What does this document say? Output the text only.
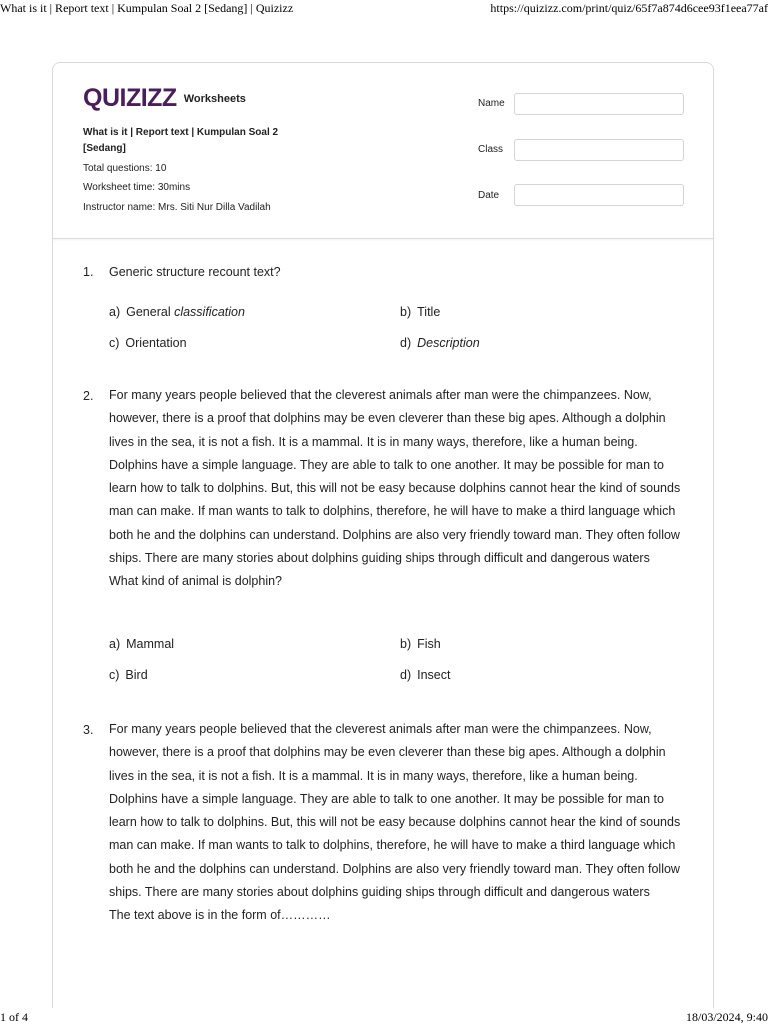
What is it | Report text | Kumpulan Soal 2 [Sedang] | Quizizz	https://quizizz.com/print/quiz/65f7a874d6cee93f1eea77af
QUIZIZZ Worksheets
What is it | Report text | Kumpulan Soal 2 [Sedang]
Total questions: 10
Worksheet time: 30mins
Instructor name: Mrs. Siti Nur Dilla Vadilah
Name
Class
Date
1. Generic structure recount text?
a) General classification	b) Title
c) Orientation	d) Description
2. For many years people believed that the cleverest animals after man were the chimpanzees. Now, however, there is a proof that dolphins may be even cleverer than these big apes. Although a dolphin lives in the sea, it is not a fish. It is a mammal. It is in many ways, therefore, like a human being. Dolphins have a simple language. They are able to talk to one another. It may be possible for man to learn how to talk to dolphins. But, this will not be easy because dolphins cannot hear the kind of sounds man can make. If man wants to talk to dolphins, therefore, he will have to make a third language which both he and the dolphins can understand. Dolphins are also very friendly toward man. They often follow ships. There are many stories about dolphins guiding ships through difficult and dangerous waters
What kind of animal is dolphin?
a) Mammal	b) Fish
c) Bird	d) Insect
3. For many years people believed that the cleverest animals after man were the chimpanzees. Now, however, there is a proof that dolphins may be even cleverer than these big apes. Although a dolphin lives in the sea, it is not a fish. It is a mammal. It is in many ways, therefore, like a human being. Dolphins have a simple language. They are able to talk to one another. It may be possible for man to learn how to talk to dolphins. But, this will not be easy because dolphins cannot hear the kind of sounds man can make. If man wants to talk to dolphins, therefore, he will have to make a third language which both he and the dolphins can understand. Dolphins are also very friendly toward man. They often follow ships. There are many stories about dolphins guiding ships through difficult and dangerous waters
The text above is in the form of…………
1 of 4	18/03/2024, 9:40
